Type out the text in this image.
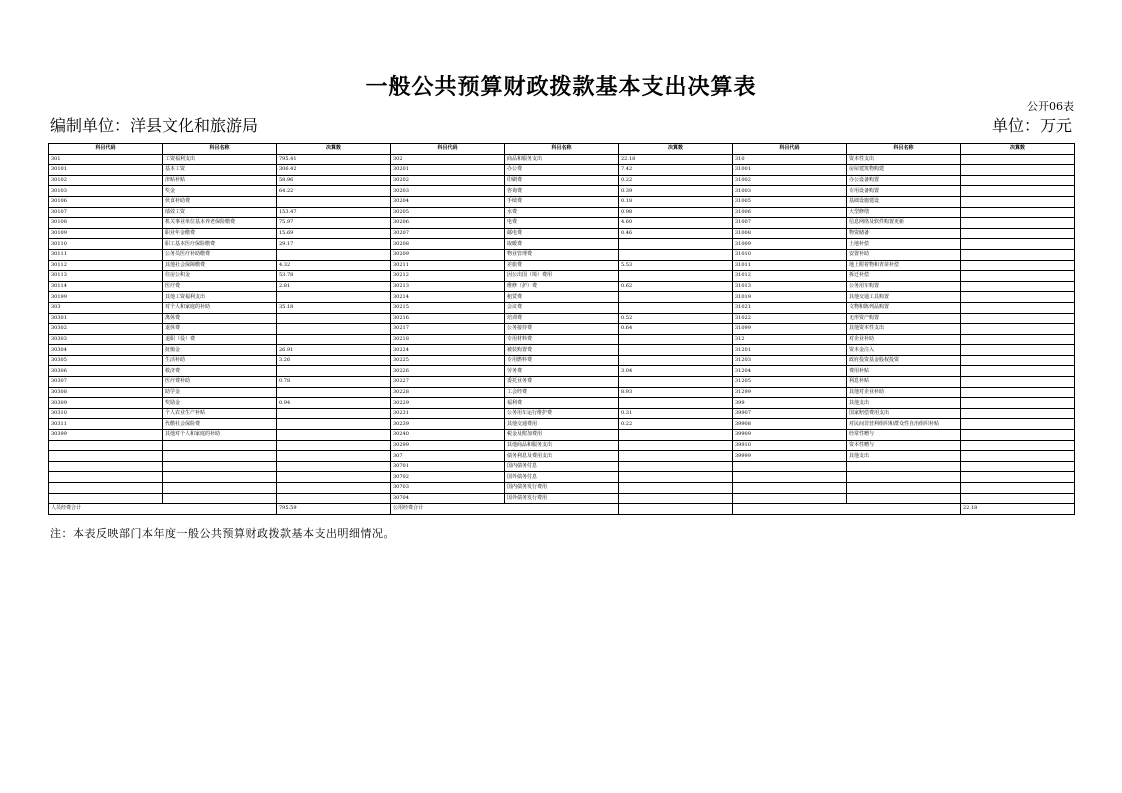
一般公共预算财政拨款基本支出决算表
公开06表
编制单位：洋县文化和旅游局	单位：万元
科目代码	科目名称	决算数	科目代码	科目名称	决算数	科目代码	科目名称	决算数
301	工资福利支出	795.41	302	商品和服务支出	22.18	310	资本性支出	
30101	基本工资	306.42	30201	办公费	7.42	31001	房屋建筑物购建	
30102	津贴补贴	58.96	30202	印刷费	0.22	31002	办公设备购置	
30103	奖金	64.22	30203	咨询费	0.39	31003	专用设备购置	
30106	伙食补助费		30204	手续费	0.18	31005	基础设施建设	
30107	绩效工资	153.47	30205	水费	0.98	31006	大型修缮	
30108	机关事业单位基本养老保险缴费	75.97	30206	电费	4.60	31007	信息网络及软件购置更新	
30109	职业年金缴费	15.69	30207	邮电费	0.46	31008	物资储备	
30110	职工基本医疗保险缴费	29.17	30208	取暖费		31009	土地补偿	
30111	公务员医疗补助缴费		30209	物业管理费		31010	安置补助	
30112	其他社会保障缴费	4.32	30211	差旅费	5.53	31011	地上附着物和青苗补偿	
30113	住房公积金	53.78	30212	因公出国（境）费用		31012	拆迁补偿	
30114	医疗费	2.81	30213	维修（护）费	0.62	31013	公务用车购置	
30199	其他工资福利支出		30214	租赁费		31019	其他交通工具购置	
303	对个人和家庭的补助	35.18	30215	会议费		31021	文物和陈列品购置	
30301	离休费		30216	培训费	0.52	31022	无形资产购置	
30302	退休费		30217	公务接待费	0.64	31099	其他资本性支出	
30303	退职（役）费		30218	专用材料费		312	对企业补助	
30304	抚恤金	26.91	30224	被装购置费		31201	资本金注入	
30305	生活补助	3.26	30225	专用燃料费		31203	政府投资基金股权投资	
30306	救济费		30226	劳务费	3.04	31204	费用补贴	
30307	医疗费补助	0.78	30227	委托业务费		31205	利息补贴	
30308	助学金		30228	工会经费	8.93	31299	其他对企业补助	
30309	奖励金	0.94	30229	福利费		399	其他支出	
30310	个人农业生产补贴		30231	公务用车运行维护费	0.31	39907	国家赔偿费用支出	
30311	代缴社会保险费		30239	其他交通费用	0.22	39908	对民间非营利组织和群众性自治组织补贴	
30399	其他对个人和家庭的补助		30240	税金及附加费用		39909	经常性赠与	
			30299	其他商品和服务支出		39910	资本性赠与	
			307	债务利息及费用支出		39999	其他支出	
			30701	国内债务付息				
			30702	国外债务付息				
			30703	国内债务发行费用				
			30704	国外债务发行费用				
人员经费合计		795.59	公用经费合计					22.18
注：本表反映部门本年度一般公共预算财政拨款基本支出明细情况。
